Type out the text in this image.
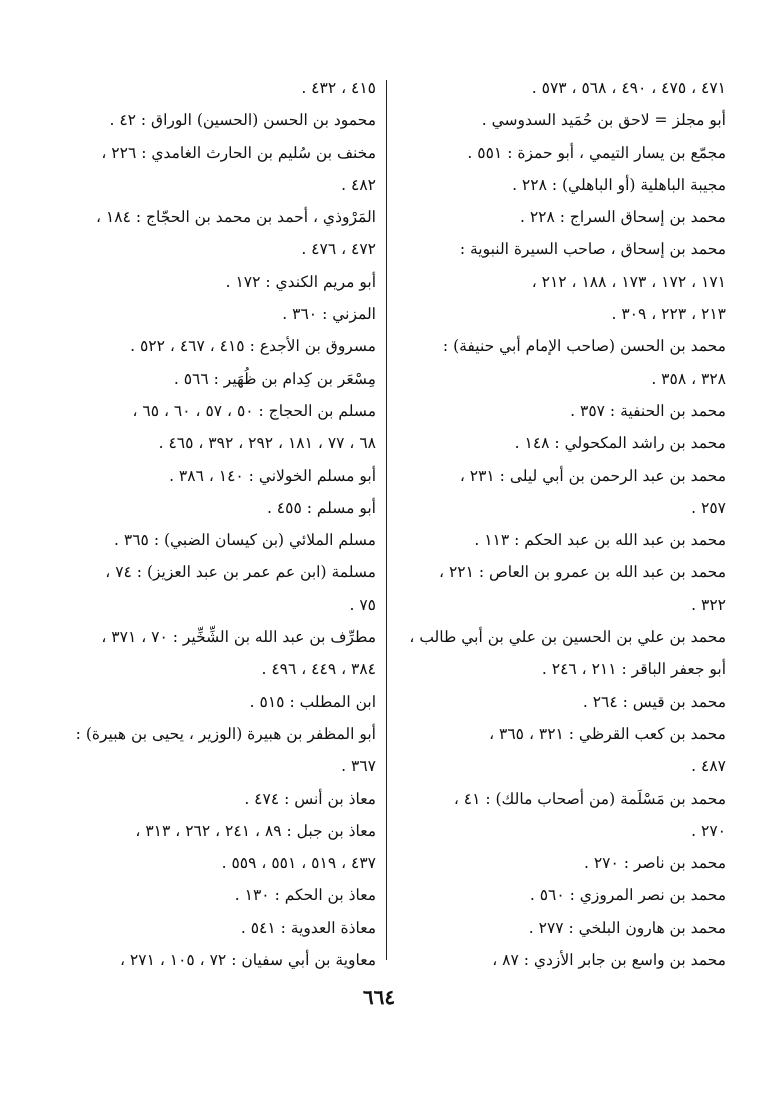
٤٧١ ، ٤٧٥ ، ٤٩٠ ، ٥٦٨ ، ٥٧٣ .
أبو مجلز = لاحق بن حُمَيد السدوسي .
مجمّع بن يسار التيمي ، أبو حمزة : ٥٥١ .
مجيبة الباهلية (أو الباهلي) : ٢٢٨ .
محمد بن إسحاق السراج : ٢٢٨ .
محمد بن إسحاق ، صاحب السيرة النبوية :
١٧١ ، ١٧٢ ، ١٧٣ ، ١٨٨ ، ٢١٢ ،
٢١٣ ، ٢٢٣ ، ٣٠٩ .
محمد بن الحسن (صاحب الإمام أبي حنيفة) :
٣٢٨ ، ٣٥٨ .
محمد بن الحنفية : ٣٥٧ .
محمد بن راشد المكحولي : ١٤٨ .
محمد بن عبد الرحمن بن أبي ليلى : ٢٣١ ،
٢٥٧ .
محمد بن عبد الله بن عبد الحكم : ١١٣ .
محمد بن عبد الله بن عمرو بن العاص : ٢٢١ ،
٣٢٢ .
محمد بن علي بن الحسين بن علي بن أبي طالب ،
أبو جعفر الباقر : ٢١١ ، ٢٤٦ .
محمد بن قيس : ٢٦٤ .
محمد بن كعب القرظي : ٣٢١ ، ٣٦٥ ،
٤٨٧ .
محمد بن مَسْلَمة (من أصحاب مالك) : ٤١ ،
٢٧٠ .
محمد بن ناصر : ٢٧٠ .
محمد بن نصر المروزي : ٥٦٠ .
محمد بن هارون البلخي : ٢٧٧ .
محمد بن واسع بن جابر الأزدي : ٨٧ ،
٤١٥ ، ٤٣٢ .
محمود بن الحسن (الحسين) الوراق : ٤٢ .
مخنف بن سُليم بن الحارث الغامدي : ٢٢٦ ،
٤٨٢ .
المَرْوذي ، أحمد بن محمد بن الحجّاج : ١٨٤ ،
٤٧٢ ، ٤٧٦ .
أبو مريم الكندي : ١٧٢ .
المزني : ٣٦٠ .
مسروق بن الأجدع : ٤١٥ ، ٤٦٧ ، ٥٢٢ .
مِسْعَر بن كِدام بن ظُهَير : ٥٦٦ .
مسلم بن الحجاج : ٥٠ ، ٥٧ ، ٦٠ ، ٦٥ ،
٦٨ ، ٧٧ ، ١٨١ ، ٢٩٢ ، ٣٩٢ ، ٤٦٥ .
أبو مسلم الخولاني : ١٤٠ ، ٣٨٦ .
أبو مسلم : ٤٥٥ .
مسلم الملائي (بن كيسان الضبي) : ٣٦٥ .
مسلمة (ابن عم عمر بن عبد العزيز) : ٧٤ ،
٧٥ .
مطرِّف بن عبد الله بن الشِّخِّير : ٧٠ ، ٣٧١ ،
٣٨٤ ، ٤٤٩ ، ٤٩٦ .
ابن المطلب : ٥١٥ .
أبو المظفر بن هبيرة (الوزير ، يحيى بن هبيرة) :
٣٦٧ .
معاذ بن أنس : ٤٧٤ .
معاذ بن جبل : ٨٩ ، ٢٤١ ، ٢٦٢ ، ٣١٣ ،
٤٣٧ ، ٥١٩ ، ٥٥١ ، ٥٥٩ .
معاذ بن الحكم : ١٣٠ .
معاذة العدوية : ٥٤١ .
معاوية بن أبي سفيان : ٧٢ ، ١٠٥ ، ٢٧١ ،
٦٦٤
